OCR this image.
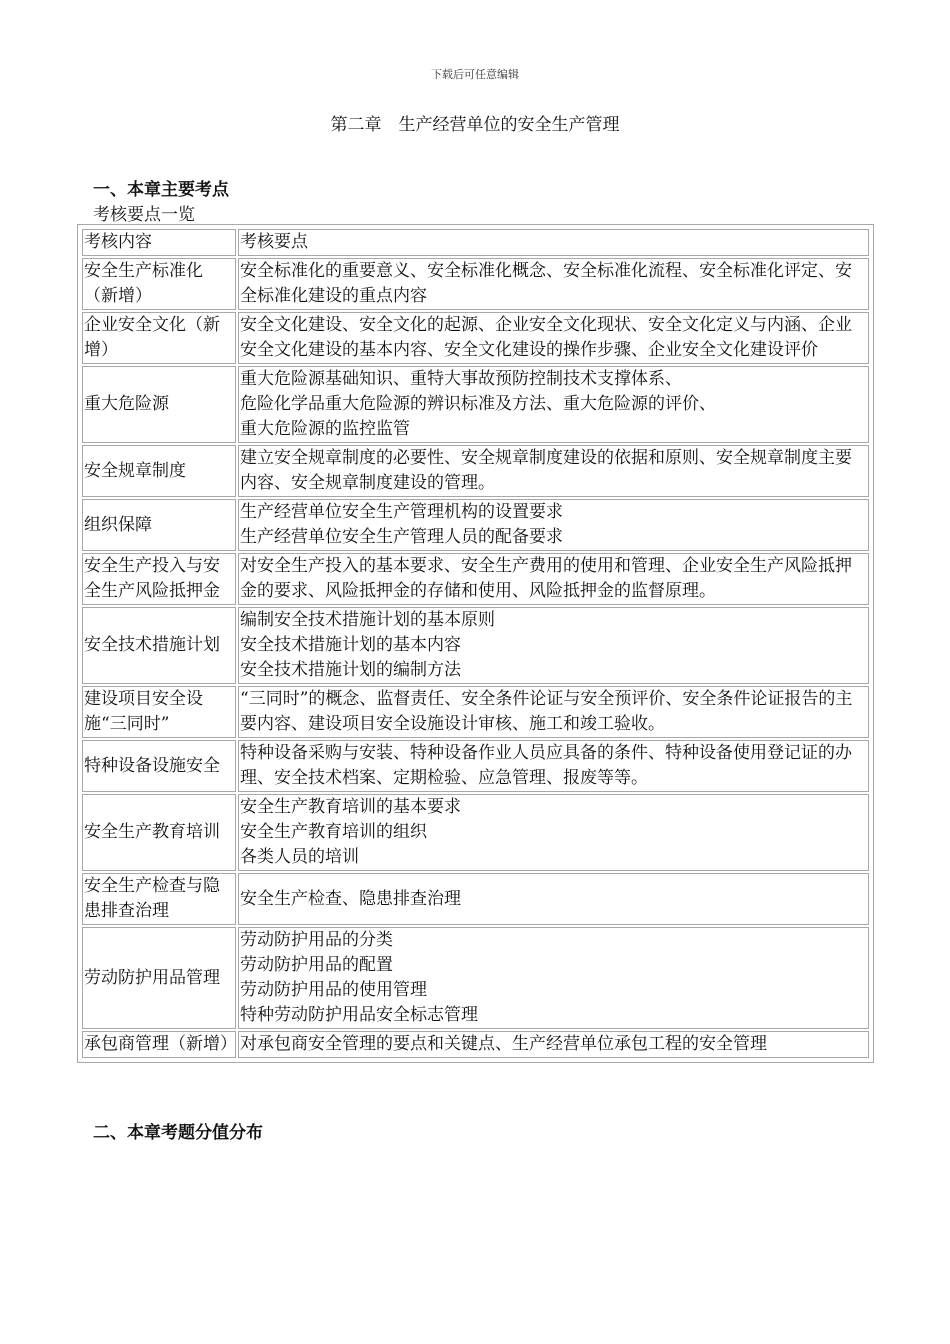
下载后可任意编辑
第二章　生产经营单位的安全生产管理
一、本章主要考点
考核要点一览
考核内容	考核要点
安全生产标准化（新增）	安全标准化的重要意义、安全标准化概念、安全标准化流程、安全标准化评定、安全标准化建设的重点内容

企业安全文化（新增）	安全文化建设、安全文化的起源、企业安全文化现状、安全文化定义与内涵、企业安全文化建设的基本内容、安全文化建设的操作步骤、企业安全文化建设评价

重大危险源	重大危险源基础知识、重特大事故预防控制技术支撑体系、
危险化学品重大危险源的辨识标准及方法、重大危险源的评价、
重大危险源的监控监管

安全规章制度	建立安全规章制度的必要性、安全规章制度建设的依据和原则、安全规章制度主要内容、安全规章制度建设的管理。

组织保障	生产经营单位安全生产管理机构的设置要求
生产经营单位安全生产管理人员的配备要求

安全生产投入与安全生产风险抵押金	对安全生产投入的基本要求、安全生产费用的使用和管理、企业安全生产风险抵押金的要求、风险抵押金的存储和使用、风险抵押金的监督原理。

安全技术措施计划	编制安全技术措施计划的基本原则
安全技术措施计划的基本内容
安全技术措施计划的编制方法

建设项目安全设施“三同时”	“三同时”的概念、监督责任、安全条件论证与安全预评价、安全条件论证报告的主要内容、建设项目安全设施设计审核、施工和竣工验收。

特种设备设施安全	特种设备采购与安装、特种设备作业人员应具备的条件、特种设备使用登记证的办理、安全技术档案、定期检验、应急管理、报废等等。

安全生产教育培训	安全生产教育培训的基本要求
安全生产教育培训的组织
各类人员的培训

安全生产检查与隐患排查治理	安全生产检查、隐患排查治理

劳动防护用品管理	劳动防护用品的分类
劳动防护用品的配置
劳动防护用品的使用管理
特种劳动防护用品安全标志管理

承包商管理（新增）	对承包商安全管理的要点和关键点、生产经营单位承包工程的安全管理
二、本章考题分值分布
